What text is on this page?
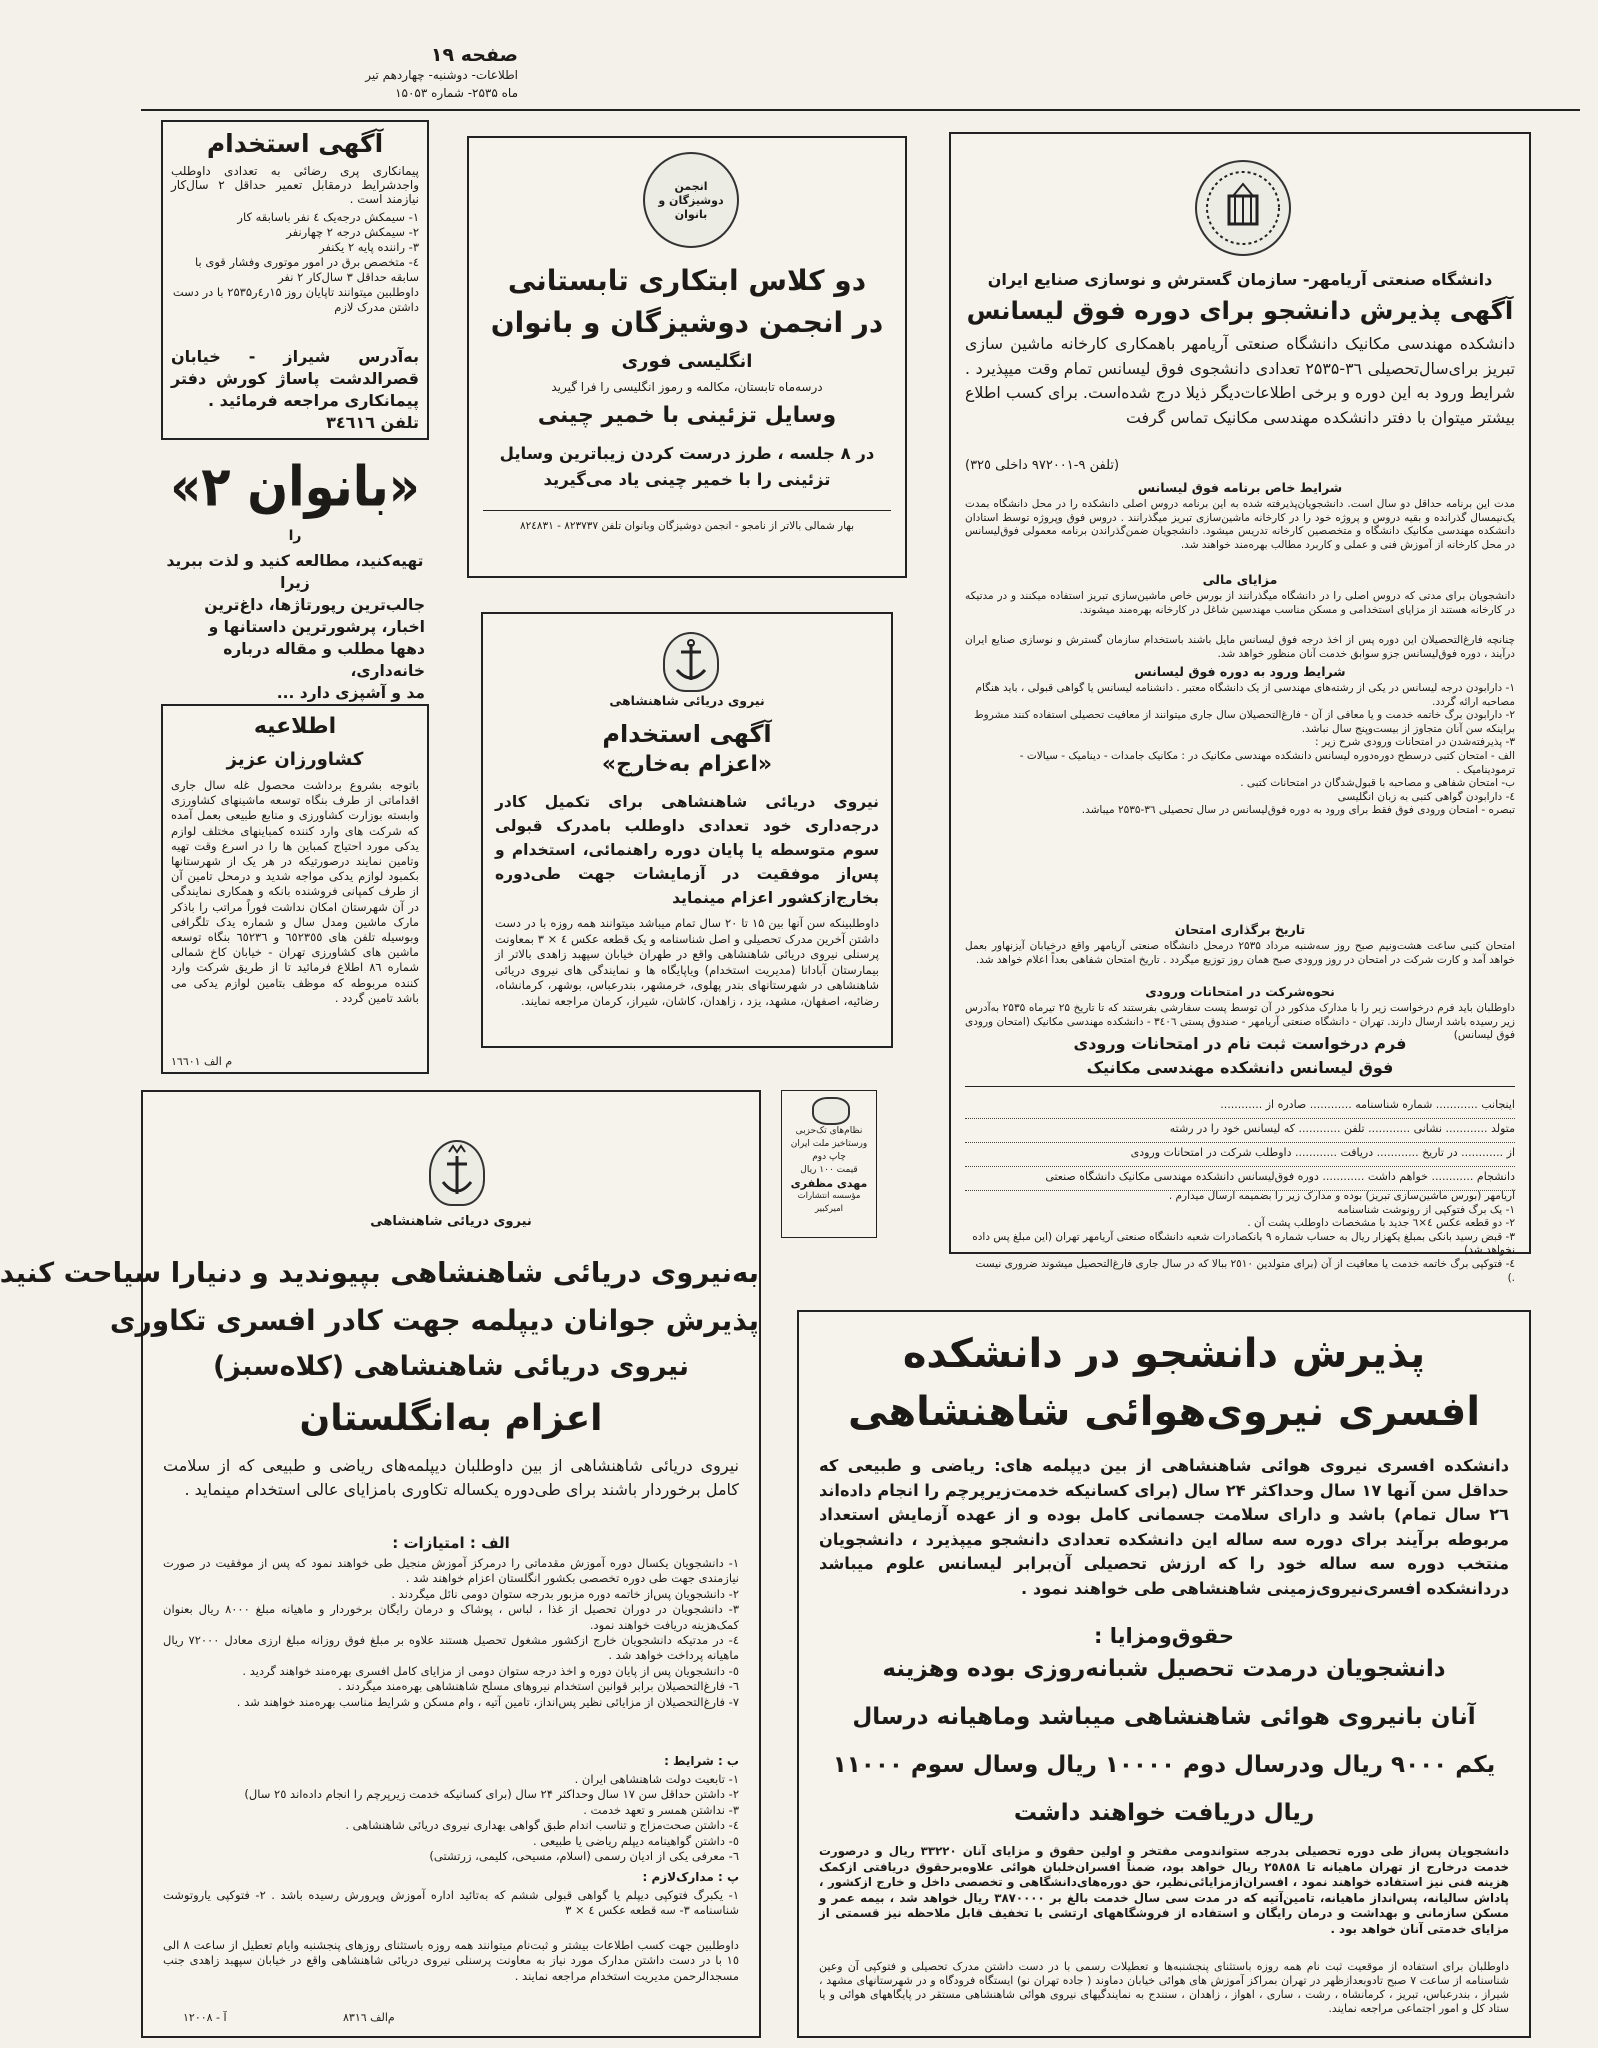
صفحه ۱۹
اطلاعات- دوشنبه- چهاردهم تیر
ماه ۲۵۳۵- شماره ۱۵۰۵۳
آگهی استخدام
پیمانکاری پری رضائی به تعدادی داوطلب واجدشرایط درمقابل تعمیر حداقل ۲ سال‌کار نیازمند است .
۱- سیمکش درجه‌یک ٤ نفر باسابقه کار
۲- سیمکش درجه ۲ چهارنفر
۳- راننده پایه ۲ یکنفر
٤- متخصص برق در امور موتوری وفشار قوی با سابقه حداقل ۳ سال‌کار ۲ نفر
داوطلبین میتوانند تاپایان روز ۱۵ر٤ر۲۵۳۵ با در دست داشتن مدرک لازم
به‌آدرس شیراز - خیابان قصرالدشت پاساژ کورش دفتر پیمانکاری مراجعه فرمائید .
تلفن ۳٤٦۱٦
«بانوان ۲»
را
تهیه‌کنید، مطالعه کنید و لذت ببرید
زیرا
جالب‌ترین رپورتاژها، داغ‌ترین
اخبار، پرشورترین داستانها و
دهها مطلب و مقاله درباره خانه‌داری،
مد و آشپزی دارد ...
اطلاعیه
کشاورزان عزیز
باتوجه بشروع برداشت محصول غله سال جاری اقداماتی از طرف بنگاه توسعه ماشینهای کشاورزی وابسته بوزارت کشاورزی و منابع طبیعی بعمل آمده که شرکت های وارد کننده کمباینهای مختلف لوازم یدکی مورد احتیاج کمباین ها را در اسرع وقت تهیه وتامین نمایند درصورتیکه در هر یک از شهرستانها بکمبود لوازم یدکی مواجه شدید و درمحل تامین آن از طرف کمپانی فروشنده بانکه و همکاری نمایندگی در آن شهرستان امکان نداشت فوراً مراتب را باذکر مارک ماشین ومدل سال و شماره یدک تلگرافی وبوسیله تلفن های ٦٥٢٣٥٥ و ٦٥٢٣٦ بنگاه توسعه ماشین های کشاورزی تهران - خیابان کاخ شمالی شماره ٨٦ اطلاع فرمائید تا از طریق شرکت وارد کننده مربوطه که موظف بتامین لوازم یدکی می باشد تامین گردد .
م الف ۱٦٦۰۱
انجمن دوشیزگان و بانوان
دو کلاس ابتکاری تابستانی
در انجمن دوشیزگان و بانوان
انگلیسی فوری
درسه‌ماه تابستان، مکالمه و رموز انگلیسی را فرا گیرید
وسایل تزئینی با خمیر چینی
در ۸ جلسه ، طرز درست کردن زیباترین وسایل
تزئینی را با خمیر چینی یاد می‌گیرید
بهار شمالی بالاتر از نامجو - انجمن دوشیزگان وبانوان تلفن ٨٢٣٧٣٧ - ٨٢٤٨٣١
نیروی دریائی شاهنشاهی
آگهی استخدام
«اعزام به‌خارج»
نیروی دریائی شاهنشاهی برای تکمیل کادر درجه‌داری خود تعدادی داوطلب بامدرک قبولی سوم متوسطه یا پایان دوره راهنمائی، استخدام و پس‌از موفقیت در آزمایشات جهت طی‌دوره بخارج‌ازکشور اعزام مینماید
داوطلبینکه سن آنها بین ۱۵ تا ۲۰ سال تمام میباشد میتوانند همه روزه با در دست داشتن آخرین مدرک تحصیلی و اصل شناسنامه و یک قطعه عکس ٤ × ۳ بمعاونت پرسنلی نیروی دریائی شاهنشاهی واقع در طهران خیابان سپهبد زاهدی بالاتر از بیمارستان آبادانا (مدیریت استخدام) ویاپایگاه ها و نمایندگی های نیروی دریائی شاهنشاهی در شهرستانهای بندر پهلوی، خرمشهر، بندرعباس، بوشهر، کرمانشاه، رضائیه، اصفهان، مشهد، یزد ، زاهدان، کاشان، شیراز، کرمان مراجعه نمایند.
نظام‌های تک‌حزبی
ورستاخیز ملت ایران
چاپ دوم
قیمت ۱۰۰ ریال
مهدی مظفری
مؤسسه انتشارات امیرکبیر
دانشگاه صنعتی آریامهر- سازمان گسترش و نوسازی صنایع ایران
آگهی پذیرش دانشجو برای دوره فوق لیسانس
دانشکده مهندسی مکانیک دانشگاه صنعتی آریامهر باهمکاری کارخانه ماشین سازی تبریز برای‌سال‌تحصیلی ۳٦-۲۵۳۵ تعدادی دانشجوی فوق لیسانس تمام وقت میپذیرد . شرایط ورود به این دوره و برخی اطلاعات‌دیگر ذیلا درج شده‌است. برای کسب اطلاع بیشتر میتوان با دفتر دانشکده مهندسی مکانیک تماس گرفت
(تلفن ۹-۹۷۲۰۰۱ داخلی ۳۲٥)
شرایط خاص برنامه فوق لیسانس
مدت این برنامه حداقل دو سال است. دانشجویان‌پذیرفته شده به این برنامه دروس اصلی دانشکده را در محل دانشگاه بمدت یک‌نیمسال گذرانده و بقیه دروس و پروژه خود را در کارخانه ماشین‌سازی تبریز میگذرانند . دروس فوق وپروژه توسط استادان دانشکده مهندسی مکانیک دانشگاه و متخصصین کارخانه تدریس میشود. دانشجویان ضمن‌گذراندن برنامه معمولی فوق‌لیسانس در محل کارخانه از آموزش فنی و عملی و کاربرد مطالب بهره‌مند خواهند شد.
مزایای مالی
دانشجویان برای مدتی که دروس اصلی را در دانشگاه میگذرانند از بورس خاص ماشین‌سازی تبریز استفاده میکنند و در مدتیکه در کارخانه هستند از مزایای استخدامی و مسکن مناسب مهندسین شاغل در کارخانه بهره‌مند میشوند.
چنانچه فارغ‌التحصیلان این دوره پس از اخذ درجه فوق لیسانس مایل باشند باستخدام سازمان گسترش و نوسازی صنایع ایران درآیند ، دوره فوق‌لیسانس جزو سوابق خدمت آنان منظور خواهد شد.
شرایط ورود به دوره فوق لیسانس
۱- دارابودن درجه لیسانس در یکی از رشته‌های مهندسی از یک دانشگاه معتبر . دانشنامه لیسانس یا گواهی قبولی ، باید هنگام مصاحبه ارائه گردد.
۲- دارابودن برگ خاتمه خدمت و یا معافی از آن - فارغ‌التحصیلان سال جاری میتوانند از معافیت تحصیلی استفاده کنند مشروط براینکه سن آنان متجاوز از بیست‌وپنج سال نباشد.
۳- پذیرفته‌شدن در امتحانات ورودی شرح زیر :
الف - امتحان کتبی درسطح دوره‌دوره لیسانس دانشکده مهندسی مکانیک در : مکانیک جامدات - دینامیک - سیالات - ترمودینامیک .
ب- امتحان شفاهی و مصاحبه با قبول‌شدگان در امتحانات کتبی .
٤- دارابودن گواهی کتبی به زبان انگلیسی
تبصره - امتحان ورودی فوق فقط برای ورود به دوره فوق‌لیسانس در سال تحصیلی ۳٦-۲۵۳۵ میباشد.
تاریخ برگذاری امتحان
امتحان کتبی ساعت هشت‌ونیم صبح روز سه‌شنبه مرداد ۲۵۳۵ درمحل دانشگاه صنعتی آریامهر واقع درخیابان آیزنهاور بعمل خواهد آمد و کارت شرکت در امتحان در روز ورودی صبح همان روز توزیع میگردد . تاریخ امتحان شفاهی بعداً اعلام خواهد شد.
نحوه‌شرکت در امتحانات ورودی
داوطلبان باید فرم درخواست زیر را با مدارک مذکور در آن توسط پست سفارشی بفرستند که تا تاریخ ۲۵ تیرماه ۲۵۳۵ به‌آدرس زیر رسیده باشد ارسال دارند. تهران - دانشگاه صنعتی آریامهر - صندوق پستی ۳٤۰٦ - دانشکده مهندسی مکانیک (امتحان ورودی فوق لیسانس)
فرم درخواست ثبت نام در امتحانات ورودی
فوق لیسانس دانشکده مهندسی مکانیک
اینجانب ............ شماره شناسنامه ............ صادره از ............
متولد ............ نشانی ............ تلفن ............ که لیسانس خود را در رشته
از ............ در تاریخ ............ دریافت ............ داوطلب شرکت در امتحانات ورودی
دانشجام ............ خواهم داشت ............ دوره فوق‌لیسانس دانشکده مهندسی مکانیک دانشگاه صنعتی
آریامهر (بورس ماشین‌سازی تبریز) بوده و مدارک زیر را بضمیمه ارسال میدارم .
۱- یک برگ فتوکپی از رونوشت شناسنامه
۲- دو قطعه عکس ٤×٦ جدید با مشخصات داوطلب پشت آن .
۳- قبض رسید بانکی بمبلغ یکهزار ریال به حساب شماره ۹ بانکصادرات شعبه دانشگاه صنعتی آریامهر تهران (این مبلغ پس داده نخواهد شد)
٤- فتوکپی برگ خاتمه خدمت یا معافیت از آن (برای متولدین ۲٥۱۰ ببالا که در سال جاری فارغ‌التحصیل میشوند ضروری نیست .)
نیروی دریائی شاهنشاهی
به‌نیروی دریائی شاهنشاهی بپیوندید و دنیارا سیاحت کنید
پذیرش جوانان دیپلمه جهت کادر افسری تکاوری
نیروی دریائی شاهنشاهی (کلاه‌سبز)
اعزام به‌انگلستان
نیروی دریائی شاهنشاهی از بین داوطلبان دیپلمه‌های ریاضی و طبیعی که از سلامت کامل برخوردار باشند برای طی‌دوره یکساله تکاوری بامزایای عالی استخدام مینماید .
الف : امتیازات :
۱- دانشجویان یکسال دوره آموزش مقدماتی را درمرکز آموزش منجیل طی خواهند نمود که پس از موفقیت در صورت نیازمندی جهت طی دوره تخصصی بکشور انگلستان اعزام خواهند شد .
۲- دانشجویان پس‌از خاتمه دوره مزبور بدرجه ستوان دومی نائل میگردند .
۳- دانشجویان در دوران تحصیل از غذا ، لباس ، پوشاک و درمان رایگان برخوردار و ماهیانه مبلغ ۸۰۰۰ ریال بعنوان کمک‌هزینه دریافت خواهند نمود.
٤- در مدتیکه دانشجویان خارج ازکشور مشغول تحصیل هستند علاوه بر مبلغ فوق روزانه مبلغ ارزی معادل ۷۲۰۰۰ ریال ماهیانه پرداخت خواهد شد .
٥- دانشجویان پس از پایان دوره و اخذ درجه ستوان دومی از مزایای کامل افسری بهره‌مند خواهند گردید .
٦- فارغ‌التحصیلان برابر قوانین استخدام نیروهای مسلح شاهنشاهی بهره‌مند میگردند .
۷- فارغ‌التحصیلان از مزایائی نظیر پس‌انداز، تامین آتیه ، وام مسکن و شرایط مناسب بهره‌مند خواهند شد .
ب : شرایط :
۱- تابعیت دولت شاهنشاهی ایران .
۲- داشتن حداقل سن ۱۷ سال وحداکثر ۲۴ سال (برای کسانیکه خدمت زیرپرچم را انجام داده‌اند ۲٥ سال)
۳- نداشتن همسر و تعهد خدمت .
٤- داشتن صحت‌مزاج و تناسب اندام طبق گواهی بهداری نیروی دریائی شاهنشاهی .
٥- داشتن گواهینامه دیپلم ریاضی یا طبیعی .
٦- معرفی یکی از ادیان رسمی (اسلام، مسیحی، کلیمی، زرتشتی)
پ : مدارک‌لازم :
۱- یکبرگ فتوکپی دیپلم یا گواهی قبولی ششم که به‌تائید اداره آموزش وپرورش رسیده باشد . ۲- فتوکپی یاروتوشت شناسنامه ۳- سه قطعه عکس ٤ × ۳
داوطلبین جهت کسب اطلاعات بیشتر و ثبت‌نام میتوانند همه روزه باستثنای روزهای پنجشنبه وایام تعطیل از ساعت ۸ الی ۱٥ با در دست داشتن مدارک مورد نیاز به معاونت پرسنلی نیروی دریائی شاهنشاهی واقع در خیابان سپهبد زاهدی جنب مسجدالرحمن مدیریت استخدام مراجعه نمایند .
م‌الف ۸۳۱٦
آ - ۱۲۰۰۸
پذیرش دانشجو در دانشکده
افسری نیروی‌هوائی شاهنشاهی
دانشکده افسری نیروی هوائی شاهنشاهی از بین دیپلمه های: ریاضی و طبیعی که حداقل سن آنها ۱۷ سال وحداکثر ۲۴ سال (برای کسانیکه خدمت‌زیرپرچم را انجام داده‌اند ۲٦ سال تمام) باشد و دارای سلامت جسمانی کامل بوده و از عهده آزمایش استعداد مربوطه برآیند برای دوره سه ساله این دانشکده تعدادی دانشجو میپذیرد ، دانشجویان منتخب دوره سه ساله خود را که ارزش تحصیلی آن‌برابر لیسانس علوم میباشد دردانشکده افسری‌نیروی‌زمینی شاهنشاهی طی خواهند نمود .
حقوق‌ومزایا :
دانشجویان درمدت تحصیل شبانه‌روزی بوده وهزینه
آنان بانیروی هوائی شاهنشاهی میباشد وماهیانه درسال
یکم ۹۰۰۰ ریال ودرسال دوم ۱۰۰۰۰ ریال وسال سوم ۱۱۰۰۰
ریال دریافت خواهند داشت
دانشجویان پس‌از طی دوره تحصیلی بدرجه ستواندومی مفتخر و اولین حقوق و مزایای آنان ۳۳۲۲۰ ریال و درصورت خدمت درخارج از تهران ماهیانه تا ۲٥٨٥٨ ریال خواهد بود، ضمناً افسران‌خلبان هوائی علاوه‌برحقوق دریافتی ازکمک هزینه فنی نیز استفاده خواهند نمود ، افسران‌ازمزایائی‌نظیر، حق دوره‌های‌دانشگاهی و تخصصی داخل و خارج ازکشور ، پاداش سالیانه، پس‌انداز ماهیانه، تامین‌آتیه که در مدت سی سال خدمت بالغ بر ۳۸۷۰۰۰۰ ریال خواهد شد ، بیمه عمر و مسکن سازمانی و بهداشت و درمان رایگان و استفاده از فروشگاههای ارتشی با تخفیف قابل ملاحظه نیز قسمتی از مزایای خدمتی آنان خواهد بود .
داوطلبان برای استفاده از موقعیت ثبت نام همه روزه باستثنای پنجشنبه‌ها و تعطیلات رسمی با در دست داشتن مدرک تحصیلی و فتوکپی آن وعین شناسنامه از ساعت ۷ صبح تادوبعدازظهر در تهران بمراکز آموزش های هوائی خیابان دماوند ( جاده تهران نو) ایستگاه فرودگاه و در شهرستانهای مشهد ، شیراز ، بندرعباس، تبریز ، کرمانشاه ، رشت ، ساری ، اهواز ، زاهدان ، سنندج به نمایندگیهای نیروی هوائی شاهنشاهی مستقر در پایگاههای هوائی و یا ستاد کل و امور اجتماعی مراجعه نمایند.
